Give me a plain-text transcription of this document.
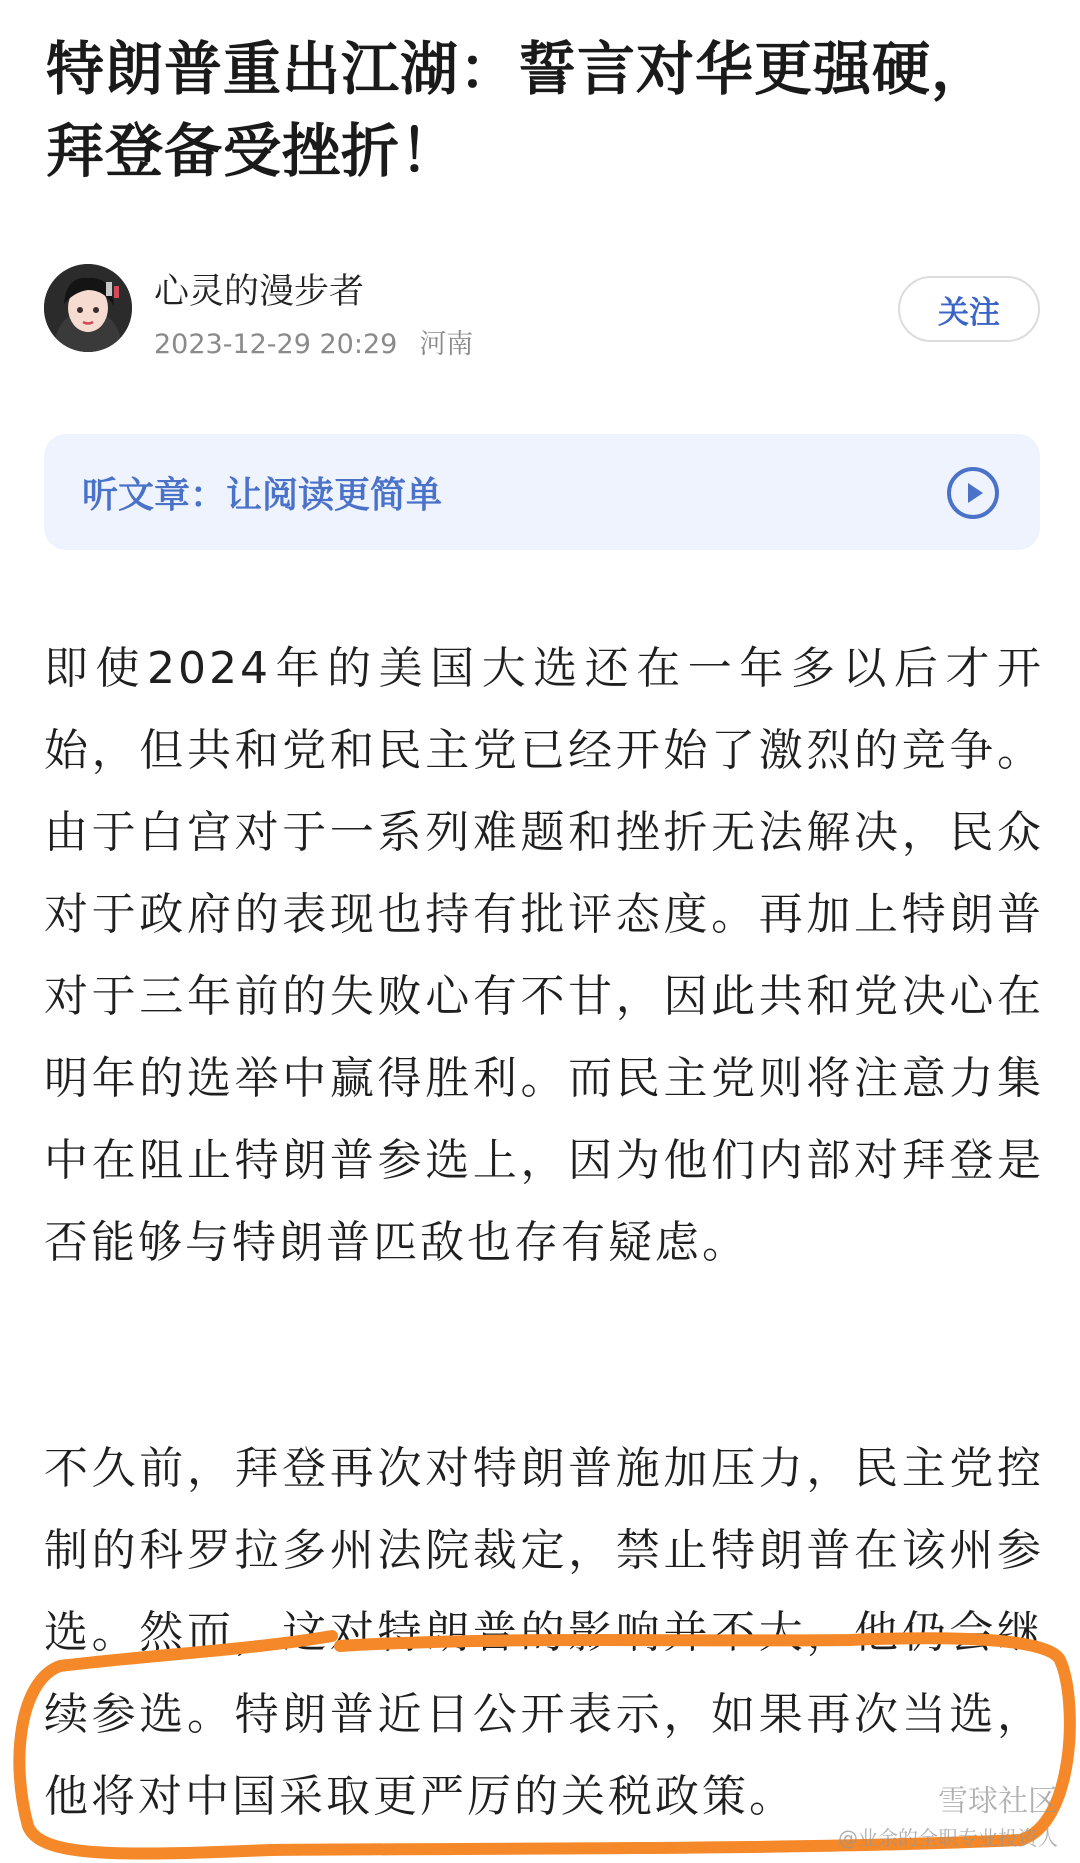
特朗普重出江湖：誓言对华更强硬，拜登备受挫折！
心灵的漫步者
2023-12-29 20:29 河南
关注
听文章：让阅读更简单

即使2024年的美国大选还在一年多以后才开始，但共和党和民主党已经开始了激烈的竞争。由于白宫对于一系列难题和挫折无法解决，民众对于政府的表现也持有批评态度。再加上特朗普对于三年前的失败心有不甘，因此共和党决心在明年的选举中赢得胜利。而民主党则将注意力集中在阻止特朗普参选上，因为他们内部对拜登是否能够与特朗普匹敌也存有疑虑。

不久前，拜登再次对特朗普施加压力，民主党控制的科罗拉多州法院裁定，禁止特朗普在该州参选。然而，这对特朗普的影响并不大，他仍会继续参选。特朗普近日公开表示，如果再次当选，他将对中国采取更严厉的关税政策。	雪球社区
@业余的全职专业投资人
